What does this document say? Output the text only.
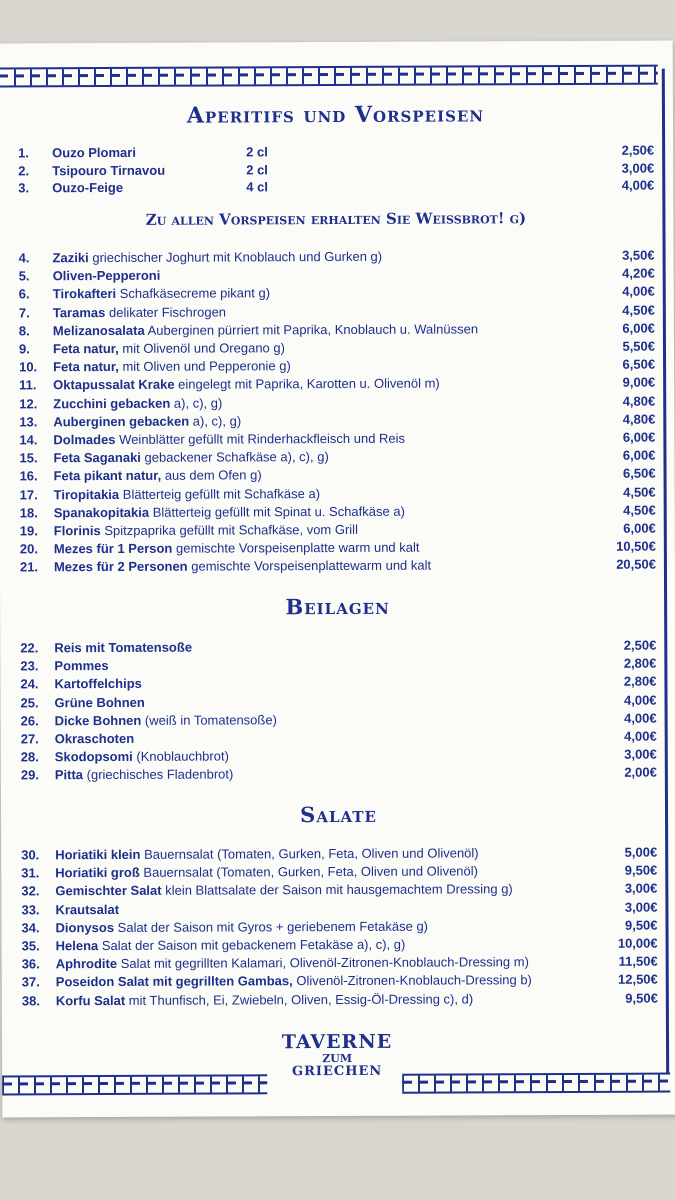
Aperitifs und Vorspeisen
1.	Ouzo Plomari	2 cl	2,50€
2.	Tsipouro Tirnavou	2 cl	3,00€
3.	Ouzo-Feige	4 cl	4,00€
Zu allen Vorspeisen erhalten Sie Weißbrot! g)
4.	Zaziki griechischer Joghurt mit Knoblauch und Gurken g)	3,50€
5.	Oliven-Pepperoni	4,20€
6.	Tirokafteri Schafkäsecreme pikant g)	4,00€
7.	Taramas delikater Fischrogen	4,50€
8.	Melizanosalata Auberginen pürriert mit Paprika, Knoblauch u. Walnüssen	6,00€
9.	Feta natur, mit Olivenöl und Oregano g)	5,50€
10.	Feta natur, mit Oliven und Pepperonie g)	6,50€
11.	Oktapussalat Krake eingelegt mit Paprika, Karotten u. Olivenöl m)	9,00€
12.	Zucchini gebacken a), c), g)	4,80€
13.	Auberginen gebacken a), c), g)	4,80€
14.	Dolmades Weinblätter gefüllt mit Rinderhackfleisch und Reis	6,00€
15.	Feta Saganaki gebackener Schafkäse a), c), g)	6,00€
16.	Feta pikant natur, aus dem Ofen g)	6,50€
17.	Tiropitakia Blätterteig gefüllt mit Schafkäse a)	4,50€
18.	Spanakopitakia Blätterteig gefüllt mit Spinat u. Schafkäse a)	4,50€
19.	Florinis Spitzpaprika gefüllt mit Schafkäse, vom Grill	6,00€
20.	Mezes für 1 Person gemischte Vorspeisenplatte warm und kalt	10,50€
21.	Mezes für 2 Personen gemischte Vorspeisenplattewarm und kalt	20,50€
Beilagen
22.	Reis mit Tomatensoße	2,50€
23.	Pommes	2,80€
24.	Kartoffelchips	2,80€
25.	Grüne Bohnen	4,00€
26.	Dicke Bohnen (weiß in Tomatensoße)	4,00€
27.	Okraschoten	4,00€
28.	Skodopsomi (Knoblauchbrot)	3,00€
29.	Pitta (griechisches Fladenbrot)	2,00€
Salate
30.	Horiatiki klein Bauernsalat (Tomaten, Gurken, Feta, Oliven und Olivenöl)	5,00€
31.	Horiatiki groß Bauernsalat (Tomaten, Gurken, Feta, Oliven und Olivenöl)	9,50€
32.	Gemischter Salat klein Blattsalate der Saison mit hausgemachtem Dressing g)	3,00€
33.	Krautsalat	3,00€
34.	Dionysos Salat der Saison mit Gyros + geriebenem Fetakäse g)	9,50€
35.	Helena Salat der Saison mit gebackenem Fetakäse a), c), g)	10,00€
36.	Aphrodite Salat mit gegrillten Kalamari, Olivenöl-Zitronen-Knoblauch-Dressing m)	11,50€
37.	Poseidon Salat mit gegrillten Gambas, Olivenöl-Zitronen-Knoblauch-Dressing b)	12,50€
38.	Korfu Salat mit Thunfisch, Ei, Zwiebeln, Oliven, Essig-Öl-Dressing c), d)	9,50€
TAVERNE
ZUM
GRIECHEN
